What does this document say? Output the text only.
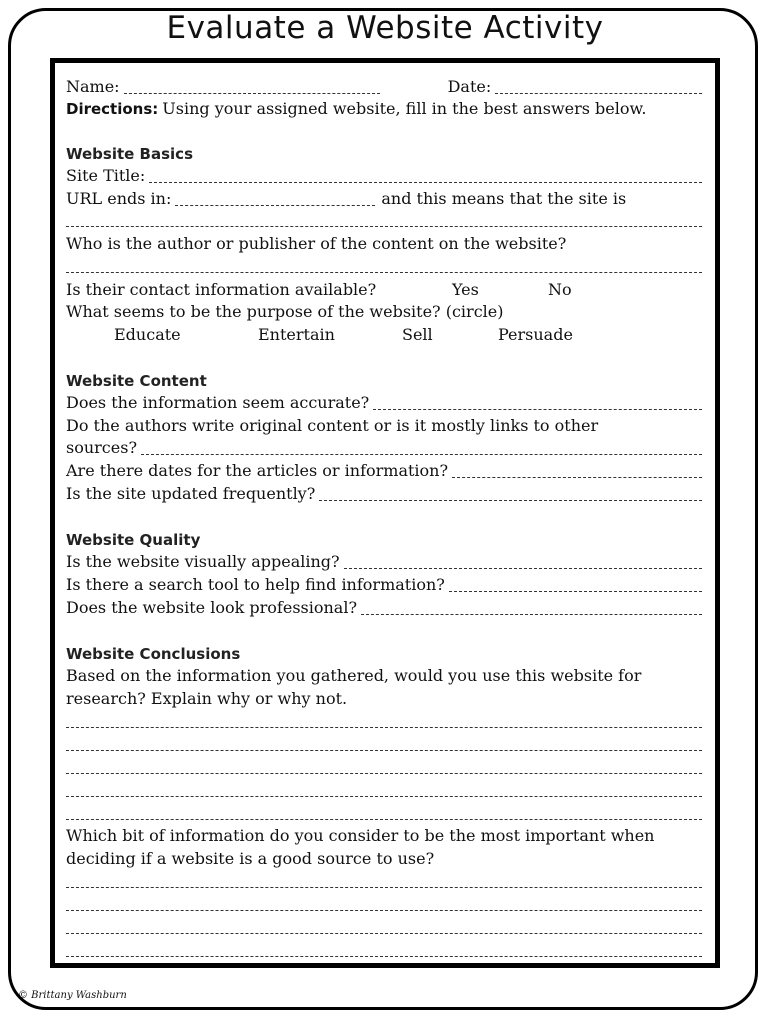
Evaluate a Website Activity
Name:	Date:
Directions: Using your assigned website, fill in the best answers below.
Website Basics
Site Title:
URL ends in:	and this means that the site is
Who is the author or publisher of the content on the website?
Is their contact information available?	Yes	No
What seems to be the purpose of the website? (circle)
Educate	Entertain	Sell	Persuade
Website Content
Does the information seem accurate?
Do the authors write original content or is it mostly links to other
sources?
Are there dates for the articles or information?
Is the site updated frequently?
Website Quality
Is the website visually appealing?
Is there a search tool to help find information?
Does the website look professional?
Website Conclusions
Based on the information you gathered, would you use this website for
research? Explain why or why not.
Which bit of information do you consider to be the most important when
deciding if a website is a good source to use?
© Brittany Washburn
